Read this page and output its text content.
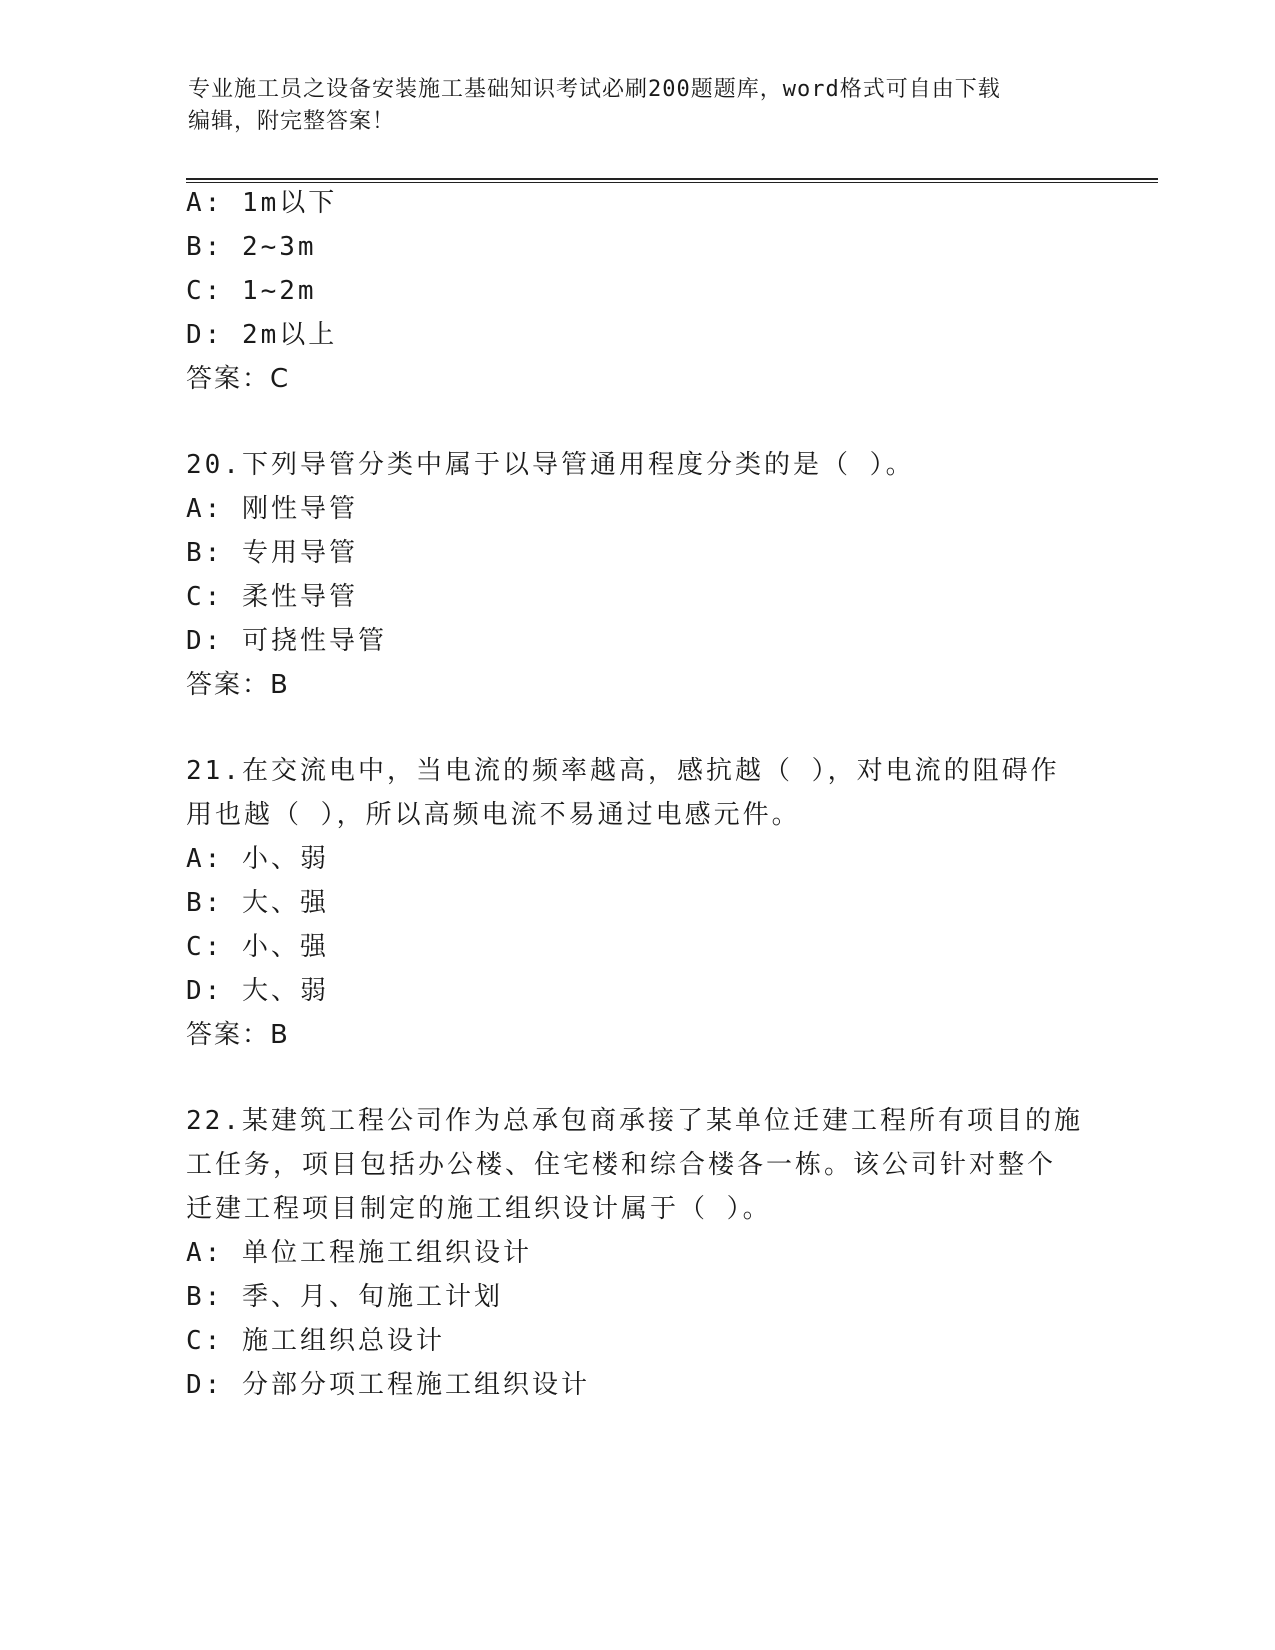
专业施工员之设备安装施工基础知识考试必刷200题题库，word格式可自由下载
编辑，附完整答案！
A: 1m以下
B: 2~3m
C: 1~2m
D: 2m以上
答案：C
20.下列导管分类中属于以导管通用程度分类的是（ ）。
A: 刚性导管
B: 专用导管
C: 柔性导管
D: 可挠性导管
答案：B
21.在交流电中，当电流的频率越高，感抗越（ ），对电流的阻碍作
用也越（ ），所以高频电流不易通过电感元件。
A: 小、弱
B: 大、强
C: 小、强
D: 大、弱
答案：B
22.某建筑工程公司作为总承包商承接了某单位迁建工程所有项目的施
工任务，项目包括办公楼、住宅楼和综合楼各一栋。该公司针对整个
迁建工程项目制定的施工组织设计属于（ ）。
A: 单位工程施工组织设计
B: 季、月、旬施工计划
C: 施工组织总设计
D: 分部分项工程施工组织设计
